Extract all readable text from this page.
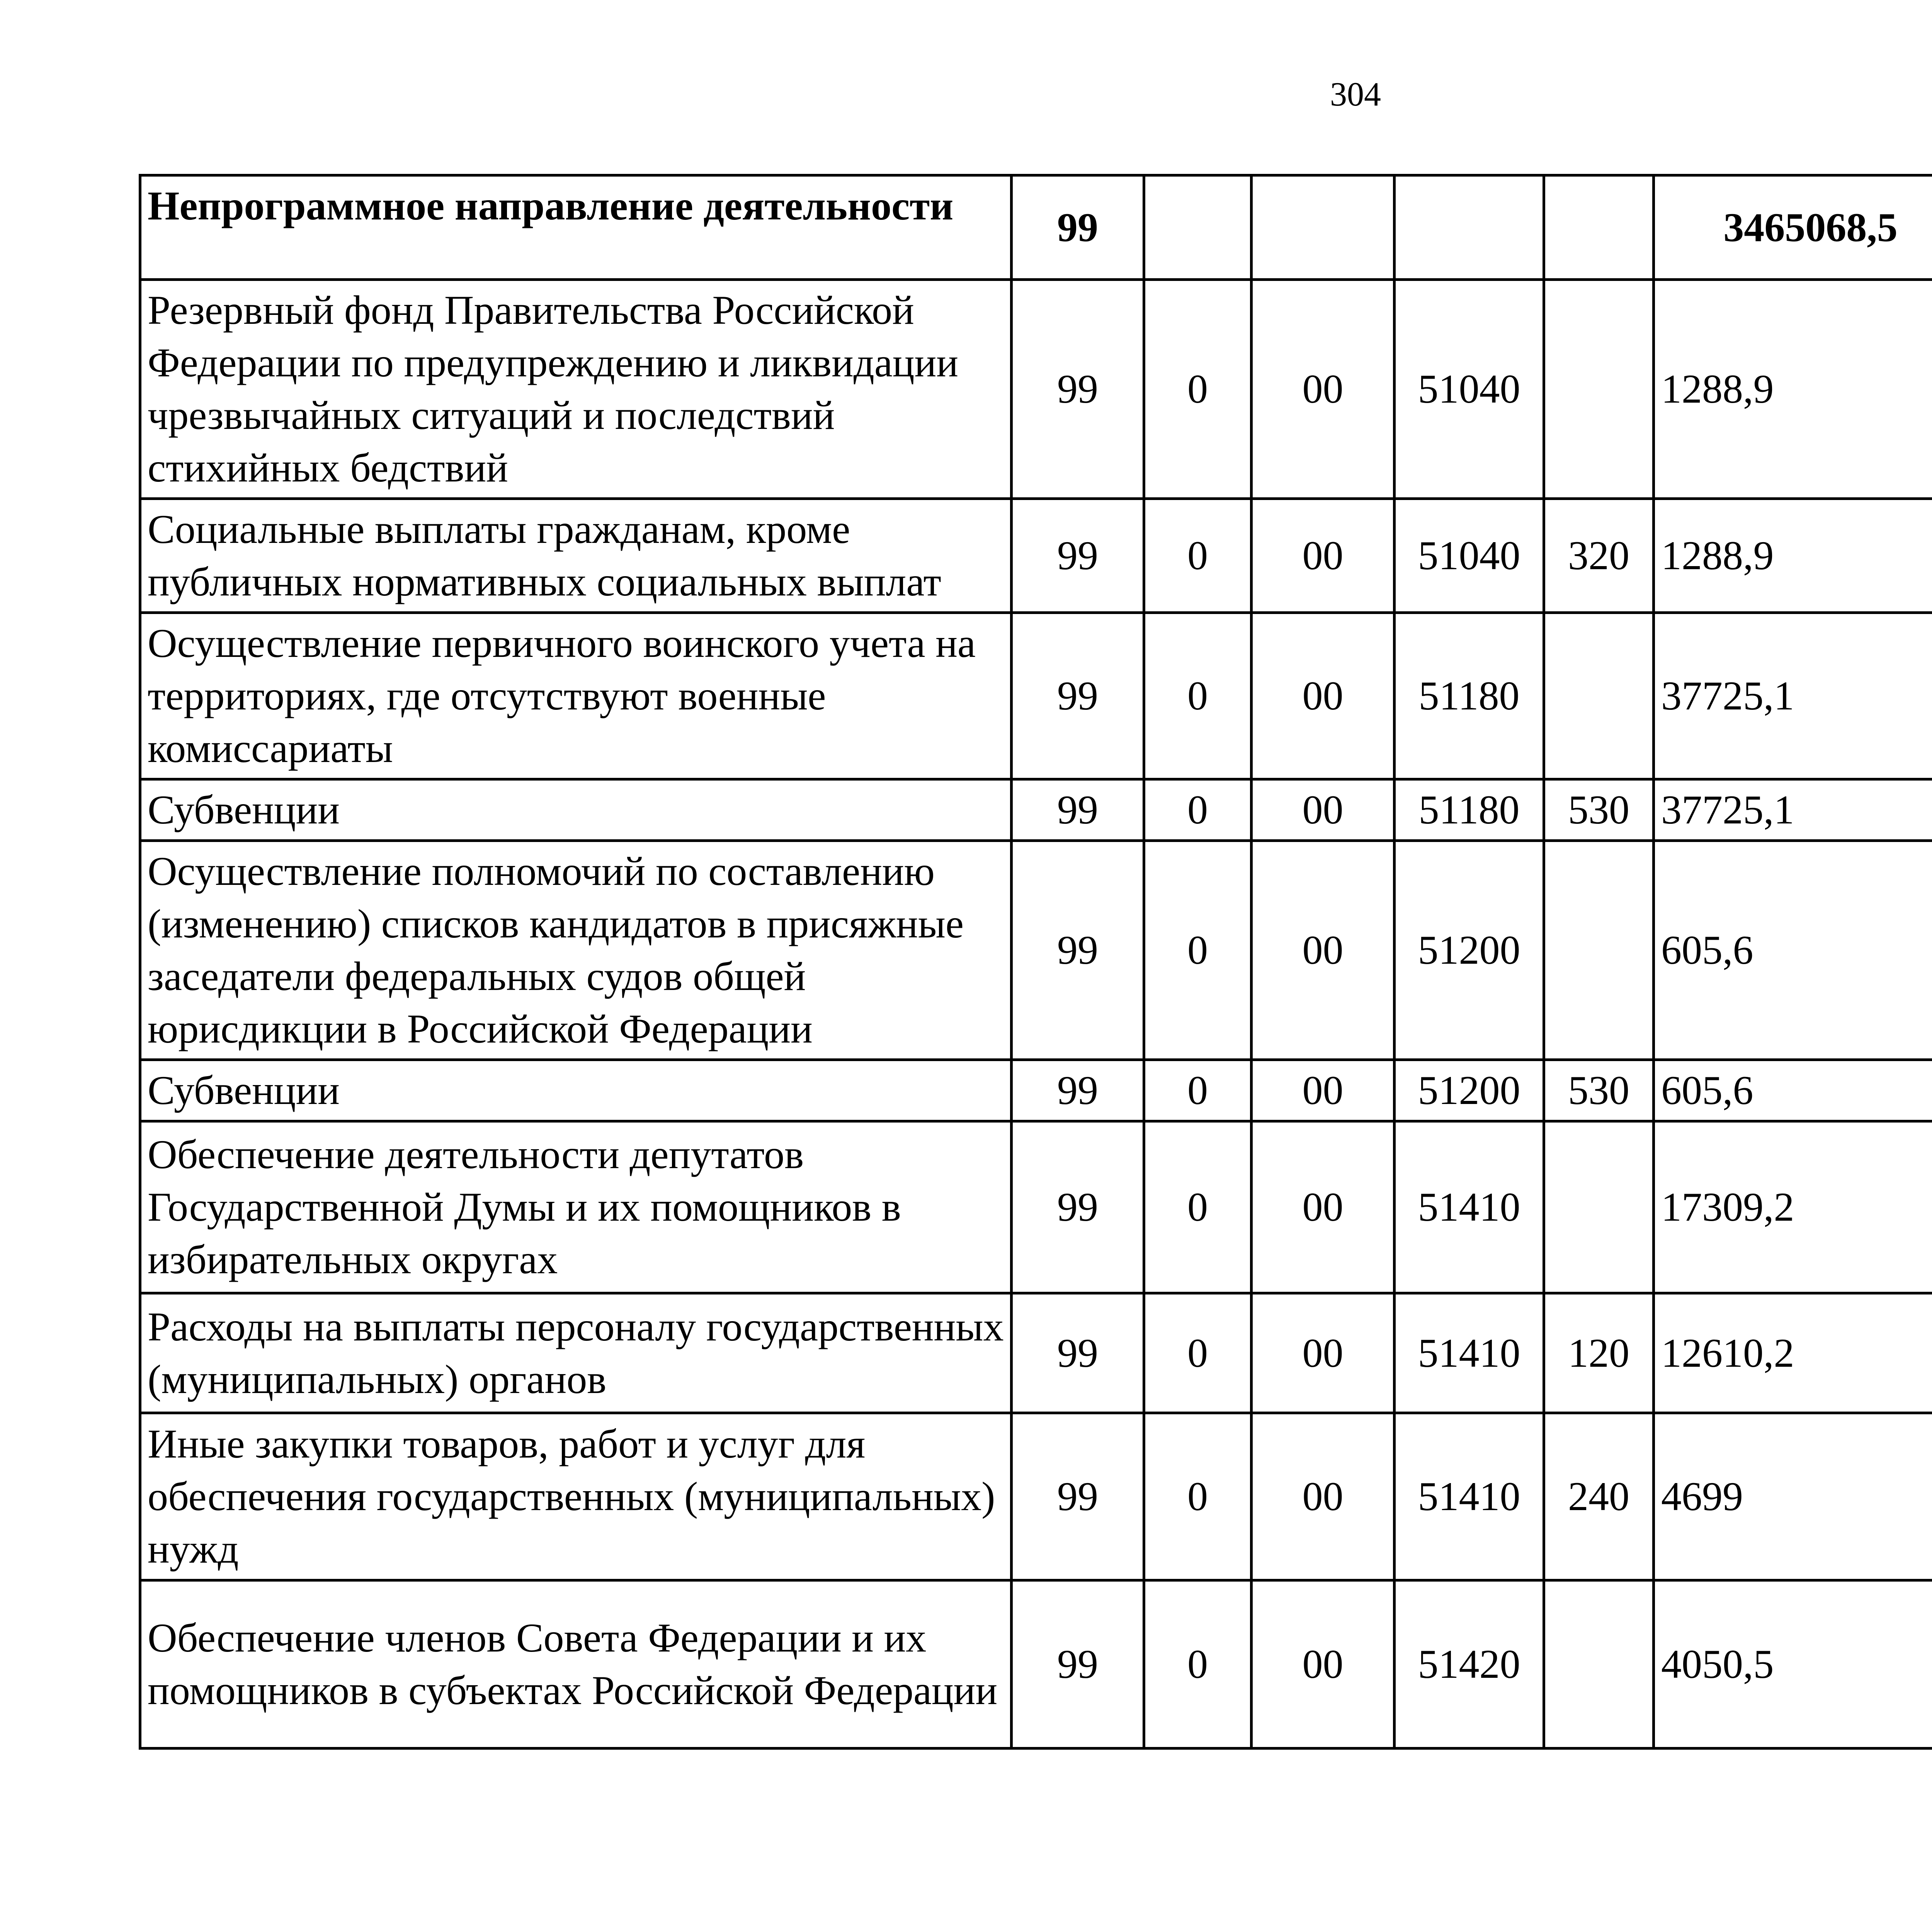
304
Непрограммное направление деятельности	99					3465068,5		
Резервный фонд Правительства Российской Федерации по предупреждению и ликвидации чрезвычайных ситуаций и последствий стихийных бедствий	99	0	00	51040		1288,9		
Социальные выплаты гражданам, кроме публичных нормативных социальных выплат	99	0	00	51040	320	1288,9		
Осуществление первичного воинского учета на территориях, где отсутствуют военные комиссариаты	99	0	00	51180		37725,1		
Субвенции	99	0	00	51180	530	37725,1		
Осуществление полномочий по составлению (изменению) списков кандидатов в присяжные заседатели федеральных судов общей юрисдикции в Российской Федерации	99	0	00	51200		605,6		
Субвенции	99	0	00	51200	530	605,6		
Обеспечение деятельности депутатов Государственной Думы и их помощников в избирательных округах	99	0	00	51410		17309,2		
Расходы на выплаты персоналу государственных (муниципальных) органов	99	0	00	51410	120	12610,2		
Иные закупки товаров, работ и услуг для обеспечения государственных (муниципальных) нужд	99	0	00	51410	240	4699		
Обеспечение членов Совета Федерации и их помощников в субъектах Российской Федерации	99	0	00	51420		4050,5		
